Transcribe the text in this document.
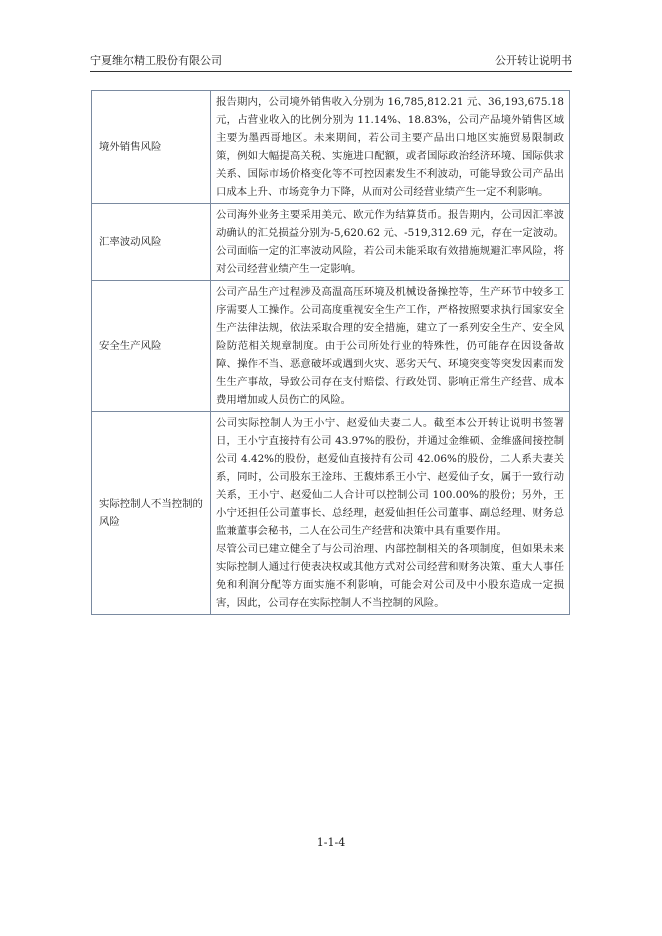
宁夏维尔精工股份有限公司	公开转让说明书
境外销售风险	报告期内，公司境外销售收入分别为 16,785,812.21 元、36,193,675.18 元，占营业收入的比例分别为 11.14%、18.83%，公司产品境外销售区域主要为墨西哥地区。未来期间，若公司主要产品出口地区实施贸易限制政策，例如大幅提高关税、实施进口配额，或者国际政治经济环境、国际供求关系、国际市场价格变化等不可控因素发生不利波动，可能导致公司产品出口成本上升、市场竞争力下降，从而对公司经营业绩产生一定不利影响。

汇率波动风险	公司海外业务主要采用美元、欧元作为结算货币。报告期内，公司因汇率波动确认的汇兑损益分别为-5,620.62 元、-519,312.69 元，存在一定波动。公司面临一定的汇率波动风险，若公司未能采取有效措施规避汇率风险，将对公司经营业绩产生一定影响。

安全生产风险	公司产品生产过程涉及高温高压环境及机械设备操控等，生产环节中较多工序需要人工操作。公司高度重视安全生产工作，严格按照要求执行国家安全生产法律法规，依法采取合理的安全措施，建立了一系列安全生产、安全风险防范相关规章制度。由于公司所处行业的特殊性，仍可能存在因设备故障、操作不当、恶意破坏或遇到火灾、恶劣天气、环境突变等突发因素而发生生产事故，导致公司存在支付赔偿、行政处罚、影响正常生产经营、成本费用增加或人员伤亡的风险。

实际控制人不当控制的风险	公司实际控制人为王小宁、赵爱仙夫妻二人。截至本公开转让说明书签署日，王小宁直接持有公司 43.97%的股份，并通过金维硕、金维盛间接控制公司 4.42%的股份，赵爱仙直接持有公司 42.06%的股份，二人系夫妻关系，同时，公司股东王淦玮、王馥炜系王小宁、赵爱仙子女，属于一致行动关系，王小宁、赵爱仙二人合计可以控制公司 100.00%的股份；另外，王小宁还担任公司董事长、总经理，赵爱仙担任公司董事、副总经理、财务总监兼董事会秘书，二人在公司生产经营和决策中具有重要作用。

尽管公司已建立健全了与公司治理、内部控制相关的各项制度，但如果未来实际控制人通过行使表决权或其他方式对公司经营和财务决策、重大人事任免和利润分配等方面实施不利影响，可能会对公司及中小股东造成一定损害，因此，公司存在实际控制人不当控制的风险。

1-1-4
